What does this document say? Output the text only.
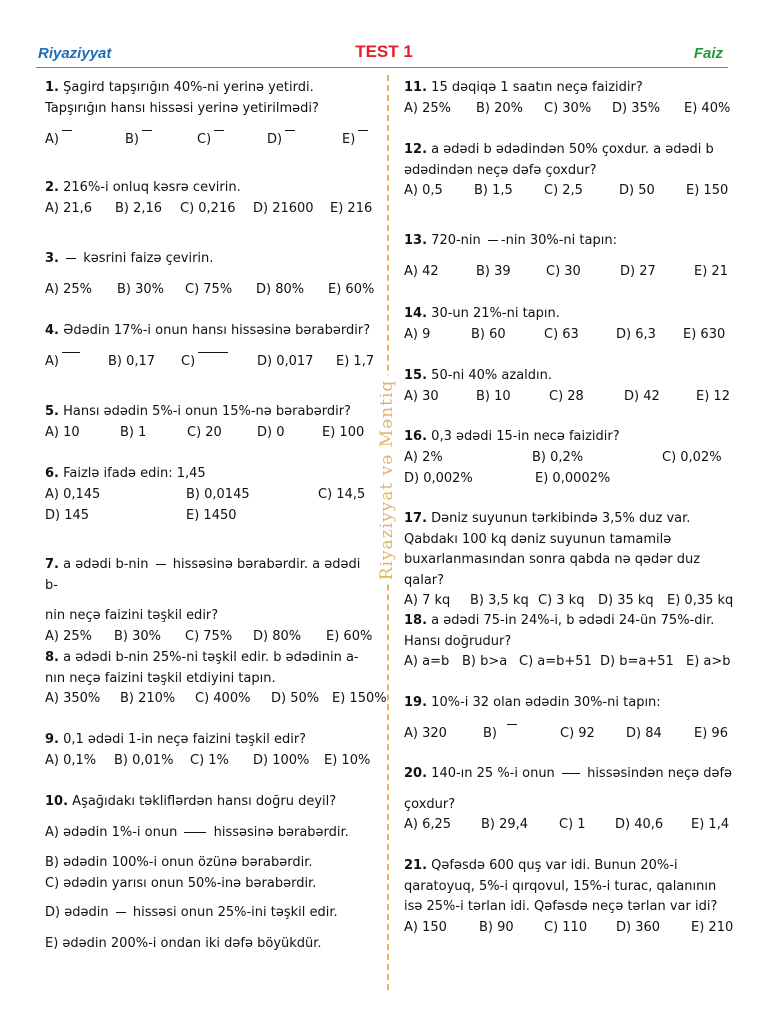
Riyaziyyat	TEST 1	Faiz
Riyaziyyat və Məntiq
1. Şagird tapşırığın 40%-ni yerinə yetirdi. Tapşırığın hansı hissəsi yerinə yetirilmədi?
A)	B)	C)	D)	E)
2. 216%-i onluq kəsrə cevirin.
A) 21,6 B) 2,16 C) 0,216 D) 21600 E) 216
3. kəsrini faizə çevirin.
A) 25% B) 30% C) 75% D) 80% E) 60%
4. Ədədin 17%-i onun hansı hissəsinə bərabərdir?
A)	B) 0,17 C)	D) 0,017 E) 1,7
5. Hansı ədədin 5%-i onun 15%-nə bərabərdir?
A) 10	B) 1	C) 20	D) 0	E) 100
6. Faizlə ifadə edin: 1,45
A) 0,145	B) 0,0145	C) 14,5
D) 145	E) 1450
7. a ədədi b-nin hissəsinə bərabərdir. a ədədi b-
nin neçə faizini təşkil edir?
A) 25% B) 30% C) 75% D) 80% E) 60%
8. a ədədi b-nin 25%-ni təşkil edir. b ədədinin a-nın neçə faizini təşkil etdiyini tapın.
A) 350% B) 210% C) 400% D) 50% E) 150%
9. 0,1 ədədi 1-in neçə faizini təşkil edir?
A) 0,1% B) 0,01% C) 1% D) 100% E) 10%
10. Aşağıdakı təkliflərdən hansı doğru deyil?
A) ədədin 1%-i onun	hissəsinə bərabərdir.
B) ədədin 100%-i onun özünə bərabərdir.
C) ədədin yarısı onun 50%-inə bərabərdir.
D) ədədin hissəsi onun 25%-ini təşkil edir.
E) ədədin 200%-i ondan iki dəfə böyükdür.
11. 15 dəqiqə 1 saatın neçə faizidir?
A) 25% B) 20% C) 30% D) 35% E) 40%
12. a ədədi b ədədindən 50% çoxdur. a ədədi b ədədindən neçə dəfə çoxdur?
A) 0,5 B) 1,5 C) 2,5	D) 50 E) 150
13. 720-nin -nin 30%-ni tapın:
A) 42	B) 39	C) 30	D) 27	E) 21
14. 30-un 21%-ni tapın.
A) 9	B) 60	C) 63	D) 6,3 E) 630
15. 50-ni 40% azaldın.
A) 30	B) 10	C) 28	D) 42	E) 12
16. 0,3 ədədi 15-in necə faizidir?
A) 2%	B) 0,2%	C) 0,02%
D) 0,002%	E) 0,0002%
17. Dəniz suyunun tərkibində 3,5% duz var. Qabdakı 100 kq dəniz suyunun tamamilə buxarlanmasından sonra qabda nə qədər duz qalar?
A) 7 kq B) 3,5 kq C) 3 kq D) 35 kq E) 0,35 kq
18. a ədədi 75-in 24%-i, b ədədi 24-ün 75%-dir. Hansı doğrudur?
A) a=b B) b>a C) a=b+51 D) b=a+51 E) a>b
19. 10%-i 32 olan ədədin 30%-ni tapın:
A) 320	B)	C) 92 D) 84 E) 96
20. 140-ın 25 %-i onun hissəsindən neçə dəfə
çoxdur?
A) 6,25 B) 29,4 C) 1 D) 40,6 E) 1,4
21. Qəfəsdə 600 quş var idi. Bunun 20%-i qaratoyuq, 5%-i qırqovul, 15%-i turac, qalanının isə 25%-i tərlan idi. Qəfəsdə neçə tərlan var idi?
A) 150 B) 90 C) 110 D) 360 E) 210
